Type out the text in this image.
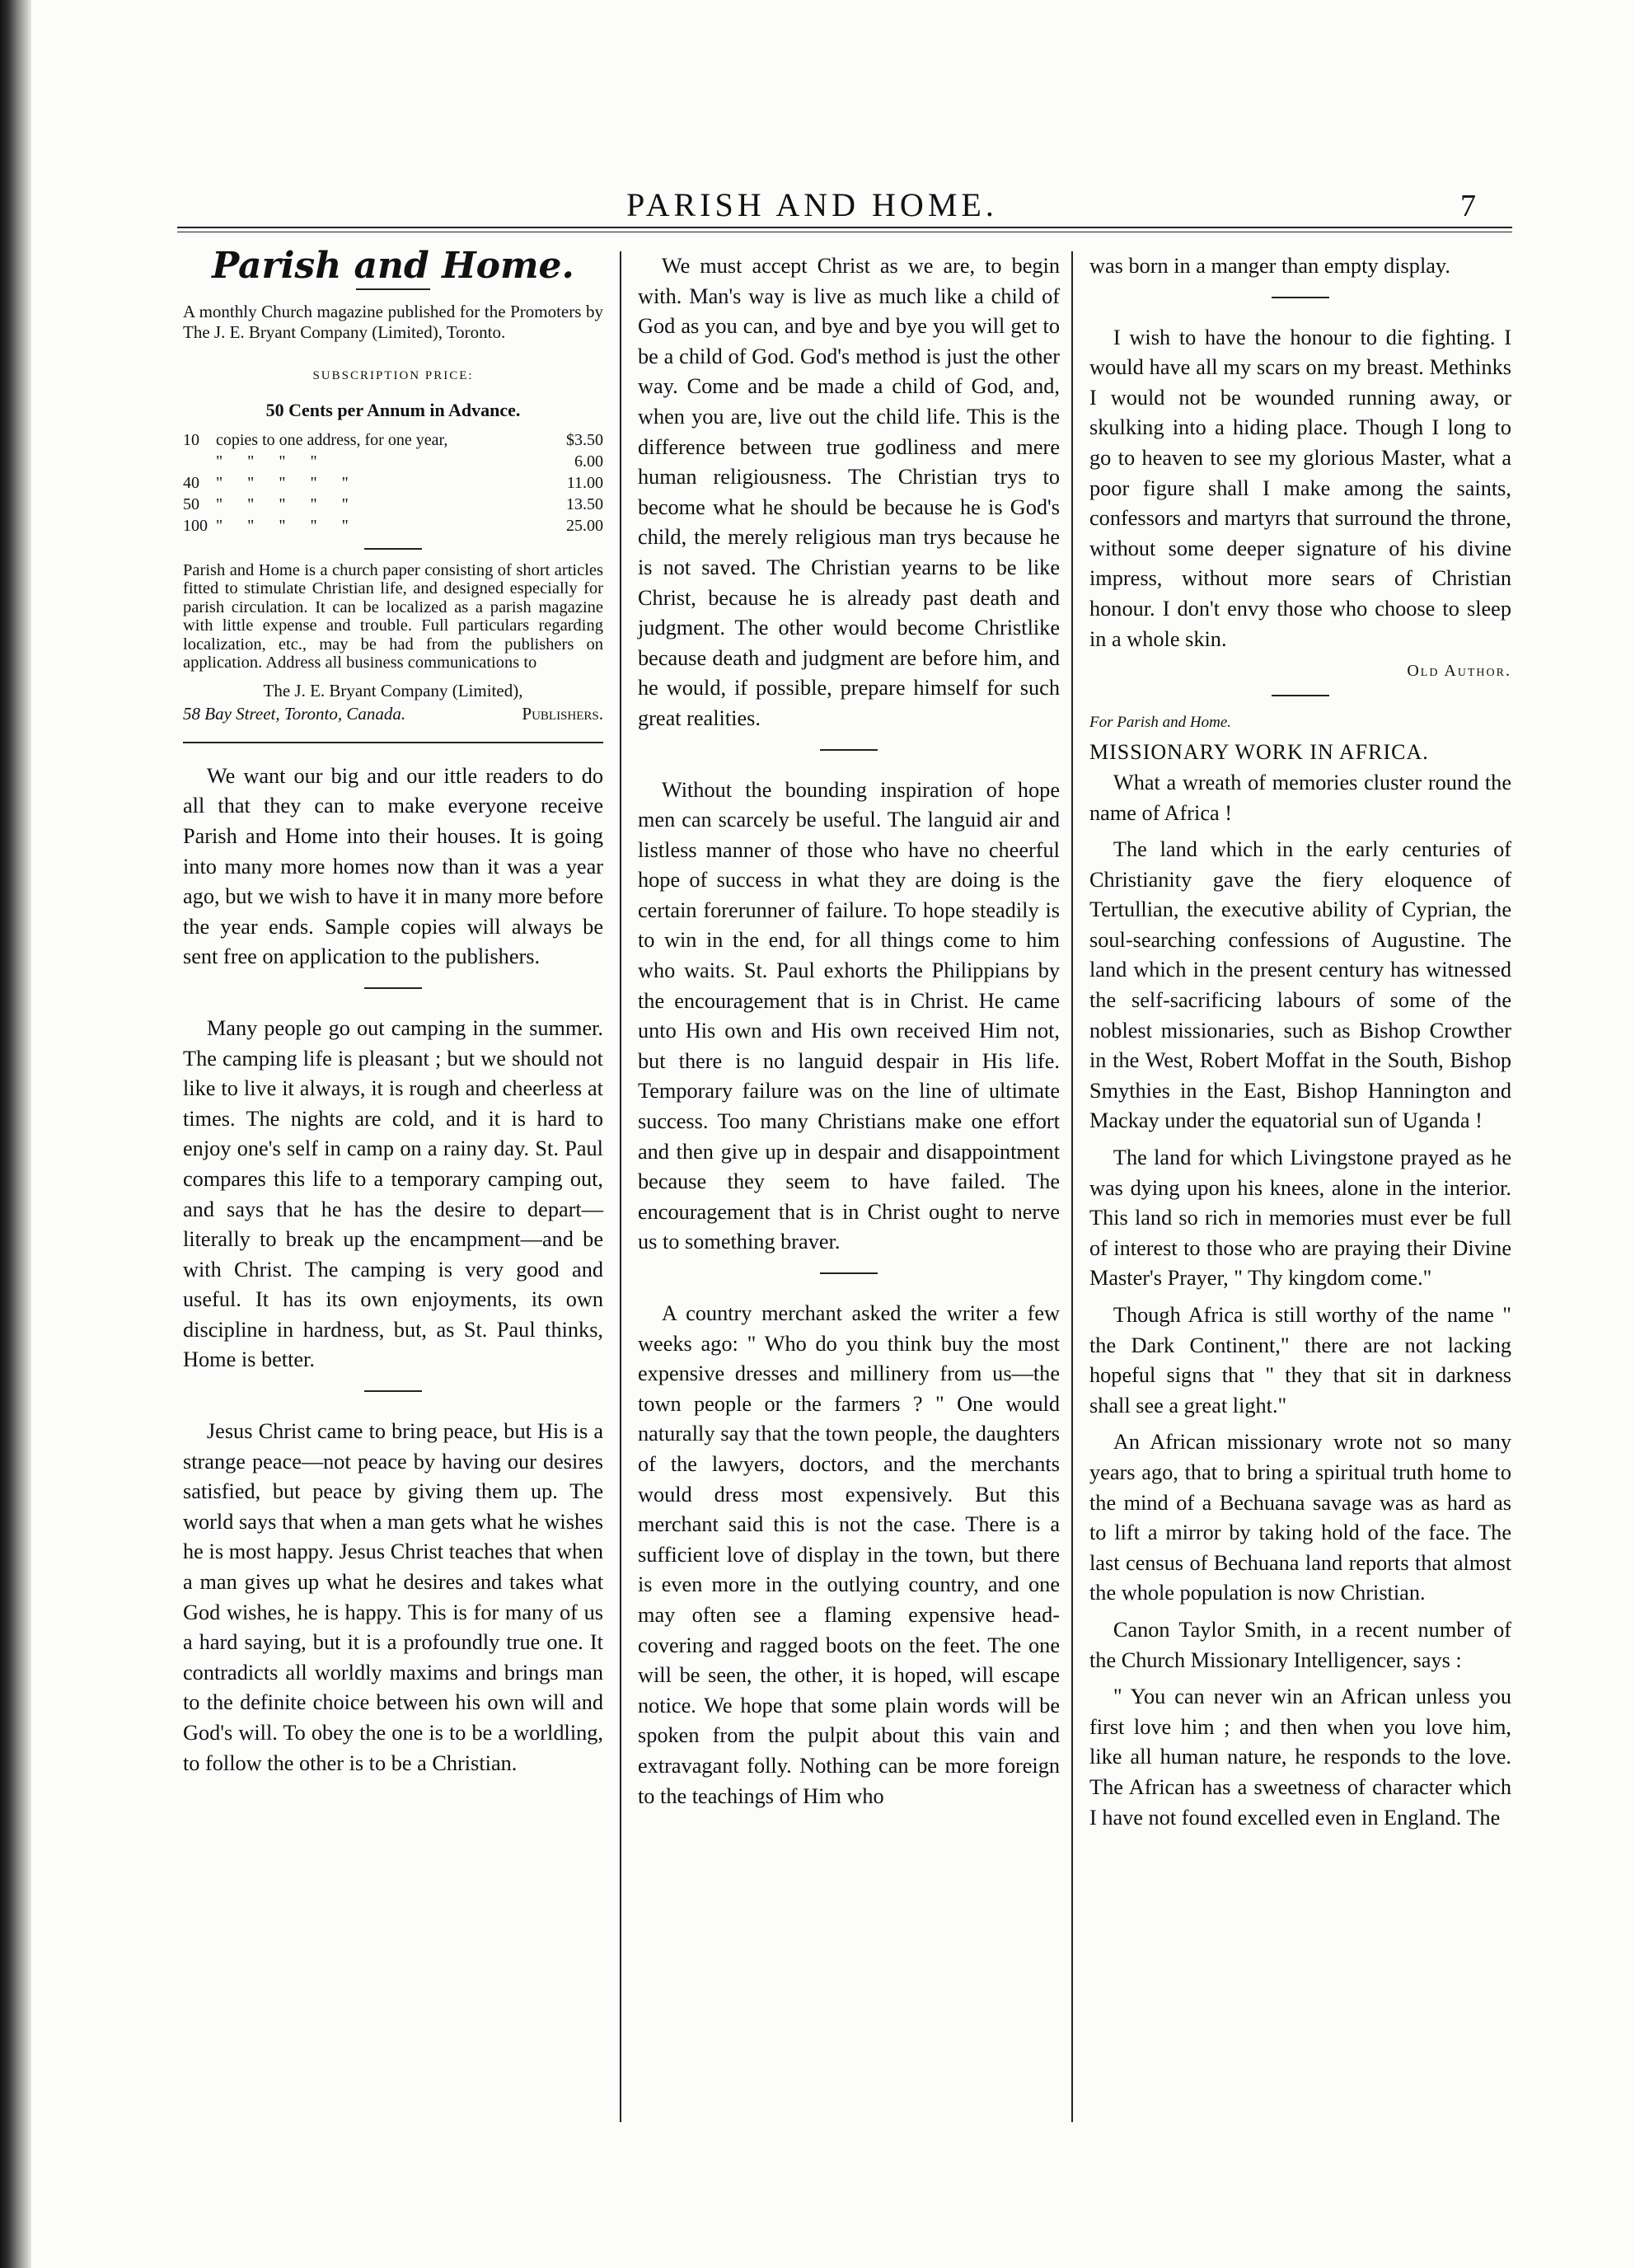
PARISH AND HOME.	7
Parish and Home.

A monthly Church magazine published for the Promoters by The J. E. Bryant Company (Limited), Toronto.

SUBSCRIPTION PRICE:
50 Cents per Annum in Advance.
10	copies to one address, for one year,	$3.50
	"      "      "      "	6.00
40	"      "      "      "      "	11.00
50	"      "      "      "      "	13.50
100	"      "      "      "      "	25.00

Parish and Home is a church paper consisting of short articles fitted to stimulate Christian life, and designed especially for parish circulation. It can be localized as a parish magazine with little expense and trouble. Full particulars regarding localization, etc., may be had from the publishers on application. Address all business communications to

The J. E. Bryant Company (Limited),
58 Bay Street, Toronto, Canada.	Publishers.

We want our big and our ittle readers to do all that they can to make everyone receive Parish and Home into their houses. It is going into many more homes now than it was a year ago, but we wish to have it in many more before the year ends. Sample copies will always be sent free on application to the publishers.

Many people go out camping in the summer. The camping life is pleasant ; but we should not like to live it always, it is rough and cheerless at times. The nights are cold, and it is hard to enjoy one's self in camp on a rainy day. St. Paul compares this life to a temporary camping out, and says that he has the desire to depart—literally to break up the encampment—and be with Christ. The camping is very good and useful. It has its own enjoyments, its own discipline in hardness, but, as St. Paul thinks, Home is better.

Jesus Christ came to bring peace, but His is a strange peace—not peace by having our desires satisfied, but peace by giving them up. The world says that when a man gets what he wishes he is most happy. Jesus Christ teaches that when a man gives up what he desires and takes what God wishes, he is happy. This is for many of us a hard saying, but it is a profoundly true one. It contradicts all worldly maxims and brings man to the definite choice between his own will and God's will. To obey the one is to be a worldling, to follow the other is to be a Christian.

We must accept Christ as we are, to begin with. Man's way is live as much like a child of God as you can, and bye and bye you will get to be a child of God. God's method is just the other way. Come and be made a child of God, and, when you are, live out the child life. This is the difference between true godliness and mere human religiousness. The Christian trys to become what he should be because he is God's child, the merely religious man trys because he is not saved. The Christian yearns to be like Christ, because he is already past death and judgment. The other would become Christlike because death and judgment are before him, and he would, if possible, prepare himself for such great realities.

Without the bounding inspiration of hope men can scarcely be useful. The languid air and listless manner of those who have no cheerful hope of success in what they are doing is the certain forerunner of failure. To hope steadily is to win in the end, for all things come to him who waits. St. Paul exhorts the Philippians by the encouragement that is in Christ. He came unto His own and His own received Him not, but there is no languid despair in His life. Temporary failure was on the line of ultimate success. Too many Christians make one effort and then give up in despair and disappointment because they seem to have failed. The encouragement that is in Christ ought to nerve us to something braver.

A country merchant asked the writer a few weeks ago: " Who do you think buy the most expensive dresses and millinery from us—the town people or the farmers ? " One would naturally say that the town people, the daughters of the lawyers, doctors, and the merchants would dress most expensively. But this merchant said this is not the case. There is a sufficient love of display in the town, but there is even more in the outlying country, and one may often see a flaming expensive head-covering and ragged boots on the feet. The one will be seen, the other, it is hoped, will escape notice. We hope that some plain words will be spoken from the pulpit about this vain and extravagant folly. Nothing can be more foreign to the teachings of Him who

was born in a manger than empty display.

I wish to have the honour to die fighting. I would have all my scars on my breast. Methinks I would not be wounded running away, or skulking into a hiding place. Though I long to go to heaven to see my glorious Master, what a poor figure shall I make among the saints, confessors and martyrs that surround the throne, without some deeper signature of his divine impress, without more sears of Christian honour. I don't envy those who choose to sleep in a whole skin.

Old Author.
For Parish and Home.
MISSIONARY WORK IN AFRICA.

What a wreath of memories cluster round the name of Africa !

The land which in the early centuries of Christianity gave the fiery eloquence of Tertullian, the executive ability of Cyprian, the soul-searching confessions of Augustine. The land which in the present century has witnessed the self-sacrificing labours of some of the noblest missionaries, such as Bishop Crowther in the West, Robert Moffat in the South, Bishop Smythies in the East, Bishop Hannington and Mackay under the equatorial sun of Uganda !

The land for which Livingstone prayed as he was dying upon his knees, alone in the interior. This land so rich in memories must ever be full of interest to those who are praying their Divine Master's Prayer, " Thy kingdom come."

Though Africa is still worthy of the name " the Dark Continent," there are not lacking hopeful signs that " they that sit in darkness shall see a great light."

An African missionary wrote not so many years ago, that to bring a spiritual truth home to the mind of a Bechuana savage was as hard as to lift a mirror by taking hold of the face. The last census of Bechuana land reports that almost the whole population is now Christian.

Canon Taylor Smith, in a recent number of the Church Missionary Intelligencer, says :

" You can never win an African unless you first love him ; and then when you love him, like all human nature, he responds to the love. The African has a sweetness of character which I have not found excelled even in England. The
